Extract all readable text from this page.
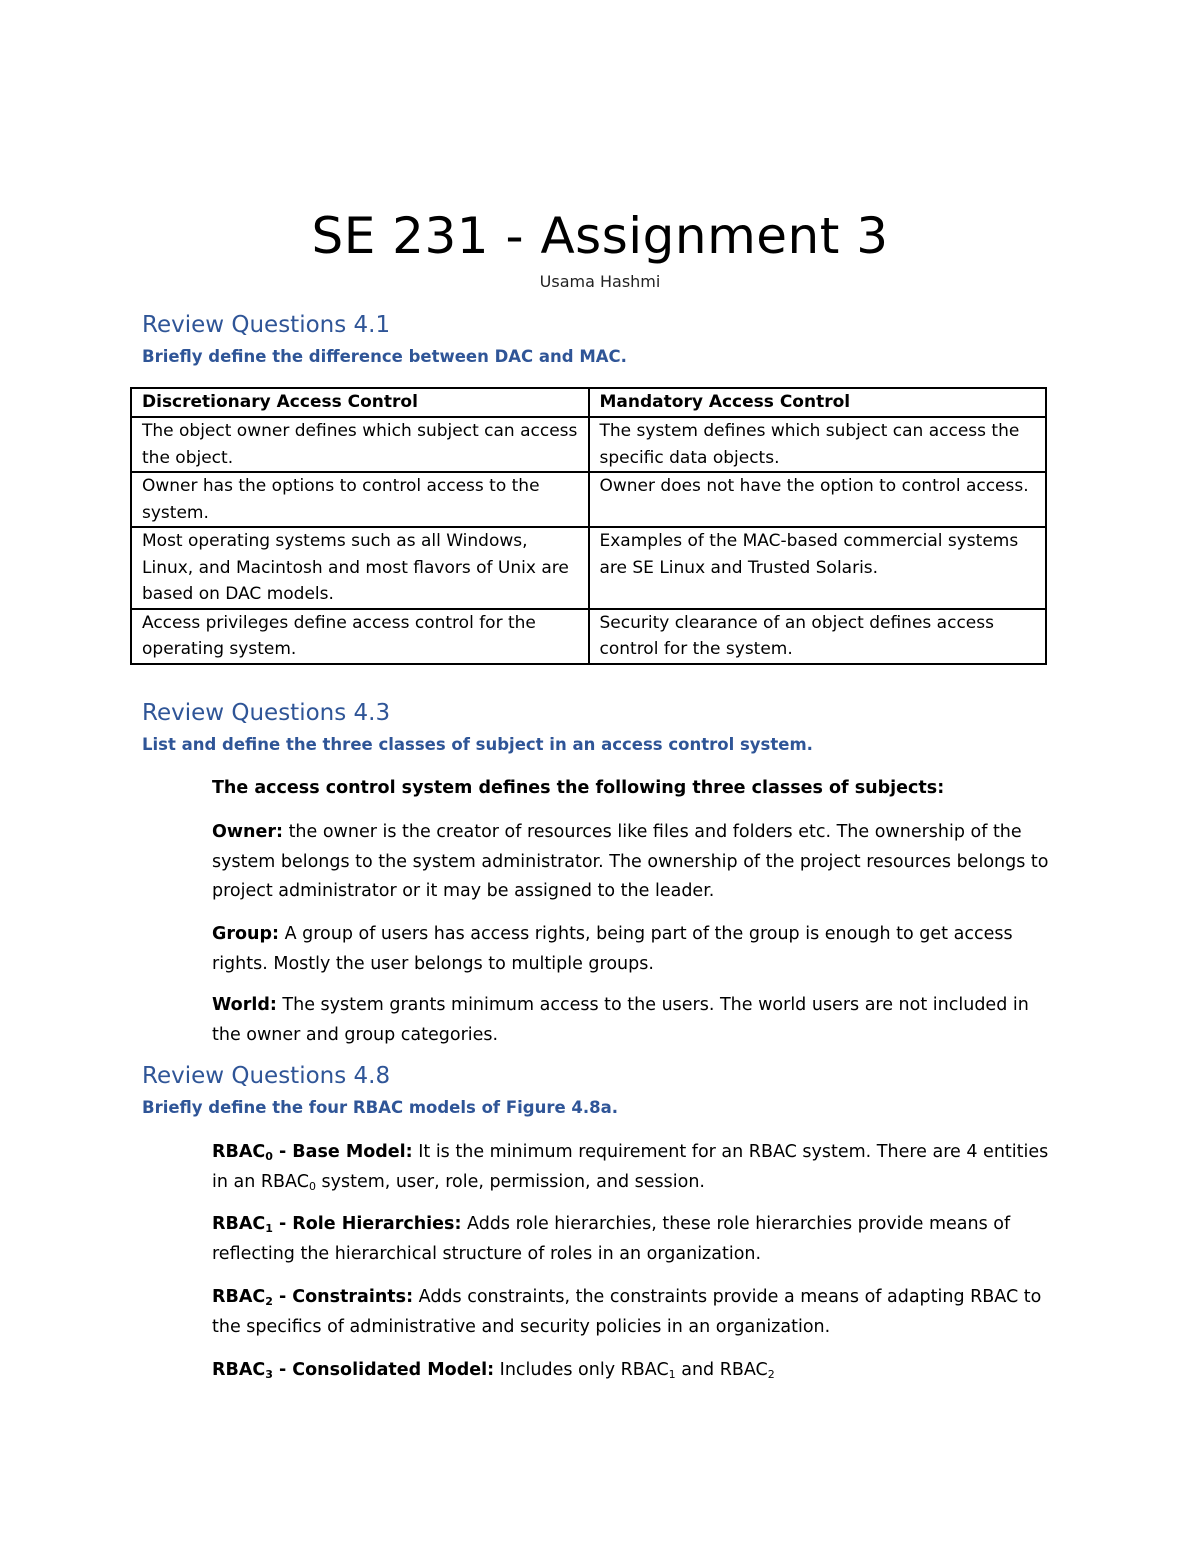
SE 231 - Assignment 3
Usama Hashmi
Review Questions 4.1
Briefly define the difference between DAC and MAC.
Discretionary Access Control	Mandatory Access Control
The object owner defines which subject can access the object.	The system defines which subject can access the specific data objects.
Owner has the options to control access to the system.	Owner does not have the option to control access.
Most operating systems such as all Windows, Linux, and Macintosh and most flavors of Unix are based on DAC models.	Examples of the MAC-based commercial systems are SE Linux and Trusted Solaris.
Access privileges define access control for the operating system.	Security clearance of an object defines access control for the system.
Review Questions 4.3
List and define the three classes of subject in an access control system.
The access control system defines the following three classes of subjects:
Owner: the owner is the creator of resources like files and folders etc. The ownership of the system belongs to the system administrator. The ownership of the project resources belongs to project administrator or it may be assigned to the leader.
Group: A group of users has access rights, being part of the group is enough to get access rights. Mostly the user belongs to multiple groups.
World: The system grants minimum access to the users. The world users are not included in the owner and group categories.
Review Questions 4.8
Briefly define the four RBAC models of Figure 4.8a.
$RBAC_0$ - Base Model: It is the minimum requirement for an RBAC system. There are 4 entities in an $RBAC_0$ system, user, role, permission, and session.
$RBAC_1$ - Role Hierarchies: Adds role hierarchies, these role hierarchies provide means of reflecting the hierarchical structure of roles in an organization.
$RBAC_2$ - Constraints: Adds constraints, the constraints provide a means of adapting RBAC to the specifics of administrative and security policies in an organization.
$RBAC_3$ - Consolidated Model: Includes only $RBAC_1$ and $RBAC_2$
